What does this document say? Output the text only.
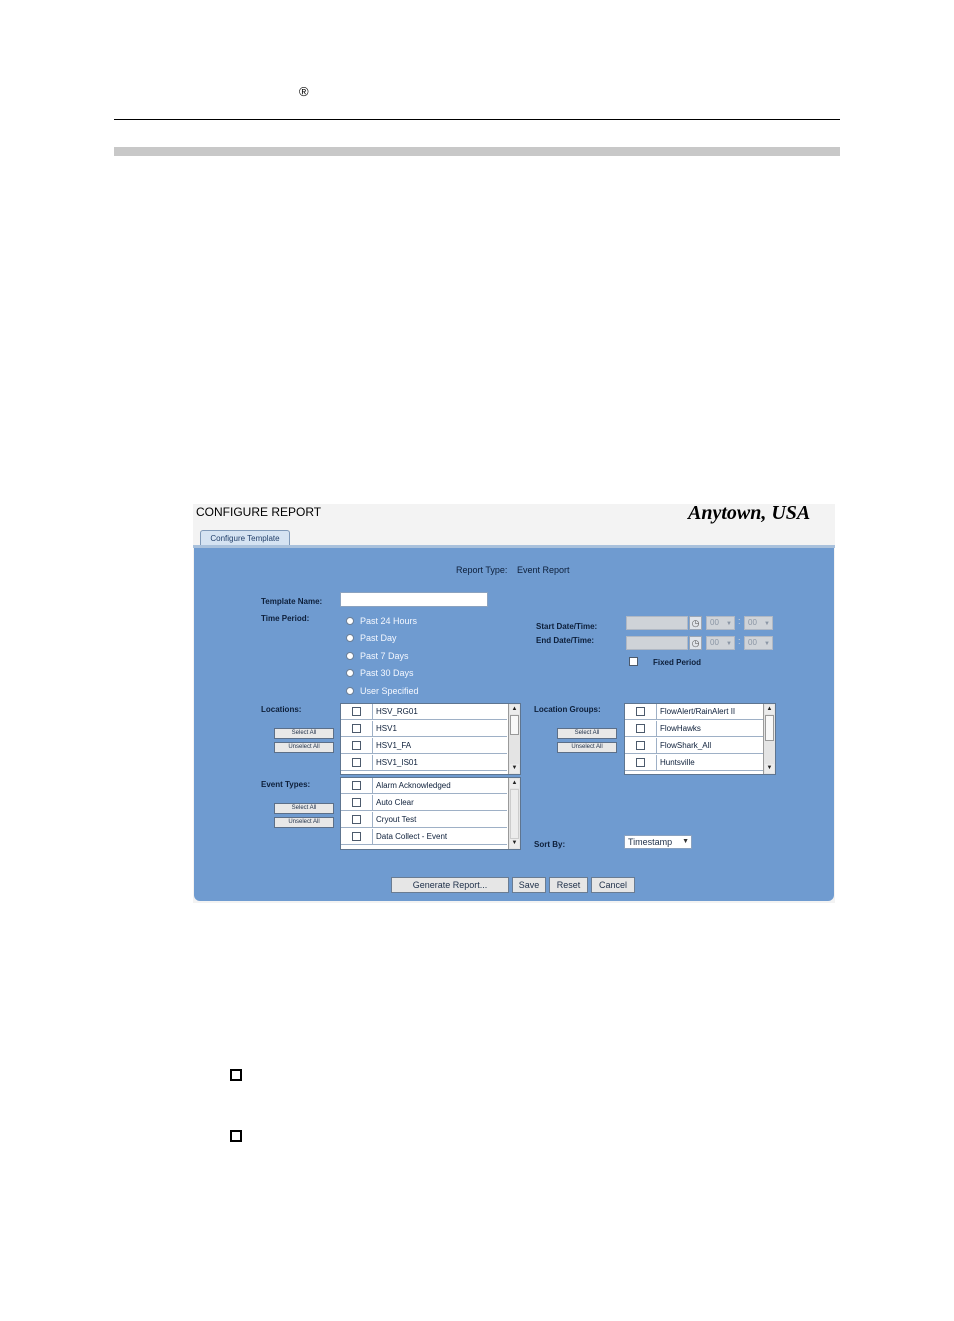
®
CONFIGURE REPORT	Anytown, USA
Configure Template
Report Type: Event Report
Template Name:
Time Period:	Past 24 Hours
Past Day
Past 7 Days
Past 30 Days
User Specified
Start Date/Time:	◷	00 ▼ : 00 ▼
End Date/Time:	◷	00 ▼ : 00 ▼
Fixed Period
Locations:
Select All
Unselect All
HSV_RG01
HSV1
HSV1_FA
HSV1_IS01
▲
▼
Location Groups:
Select All
Unselect All
FlowAlert/RainAlert II
FlowHawks
FlowShark_All
Huntsville
▲
▼
Event Types:
Select All
Unselect All
Alarm Acknowledged
Auto Clear
Cryout Test
Data Collect - Event
▲
▼ Sort By:	Timestamp ▼
Generate Report...	Save	Reset	Cancel
